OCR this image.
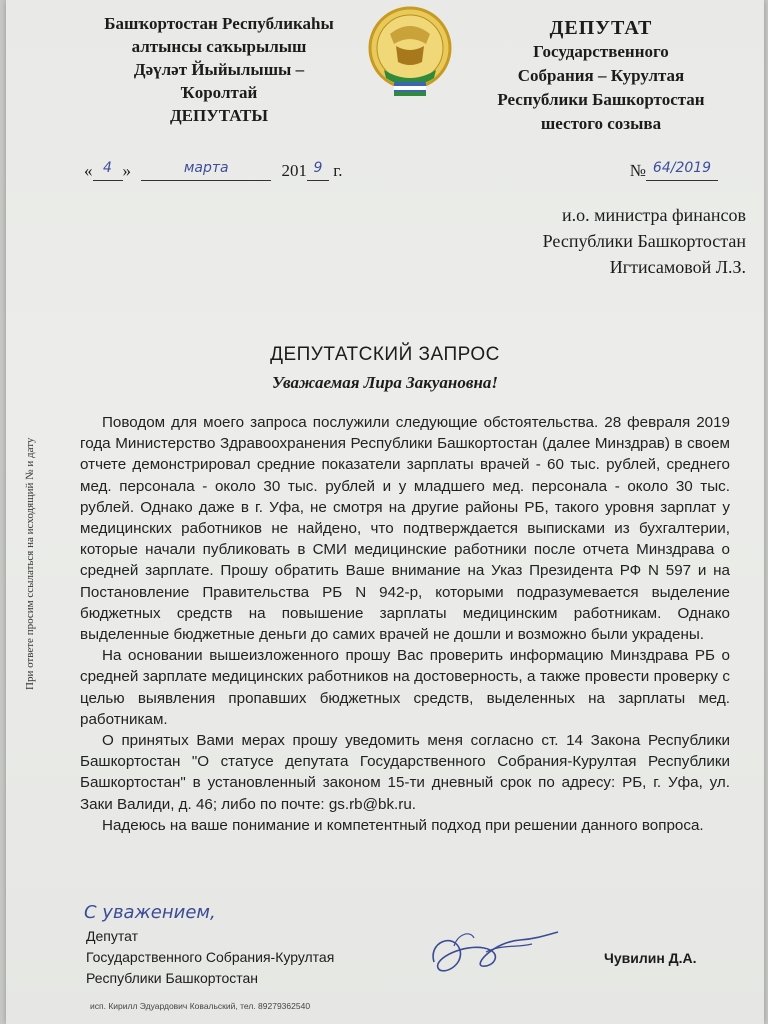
Башҡортостан Республикаһы
алтынсы саҡырылыш
Дәүләт Йыйылышы –
Ҡоролтай
ДЕПУТАТЫ
ДЕПУТАТ
Государственного
Собрания – Курултая
Республики Башкортостан
шестого созыва
« 4 »	марта	201 9 г.	№ 64/2019
и.о. министра финансов
Республики Башкортостан
Игтисамовой Л.З.
При ответе просим ссылаться на исходящий № и дату
ДЕПУТАТСКИЙ ЗАПРОС
Уважаемая Лира Закуановна!

Поводом для моего запроса послужили следующие обстоятельства. 28 февраля 2019 года Министерство Здравоохранения Республики Башкортостан (далее Минздрав) в своем отчете демонстрировал средние показатели зарплаты врачей - 60 тыс. рублей, среднего мед. персонала - около 30 тыс. рублей и у младшего мед. персонала - около 30 тыс. рублей. Однако даже в г. Уфа, не смотря на другие районы РБ, такого уровня зарплат у медицинских работников не найдено, что подтверждается выписками из бухгалтерии, которые начали публиковать в СМИ медицинские работники после отчета Минздрава о средней зарплате. Прошу обратить Ваше внимание на Указ Президента РФ N 597 и на Постановление Правительства РБ N 942-р, которыми подразумевается выделение бюджетных средств на повышение зарплаты медицинским работникам. Однако выделенные бюджетные деньги до самих врачей не дошли и возможно были украдены.

На основании вышеизложенного прошу Вас проверить информацию Минздрава РБ о средней зарплате медицинских работников на достоверность, а также провести проверку с целью выявления пропавших бюджетных средств, выделенных на зарплаты мед. работникам.

О принятых Вами мерах прошу уведомить меня согласно ст. 14 Закона Республики Башкортостан "О статусе депутата Государственного Собрания-Курултая Республики Башкортостан" в установленный законом 15-ти дневный срок по адресу: РБ, г. Уфа, ул. Заки Валиди, д. 46; либо по почте: gs.rb@bk.ru.

Надеюсь на ваше понимание и компетентный подход при решении данного вопроса.

С уважением,
Депутат
Государственного Собрания-Курултая
Республики Башкортостан
Чувилин Д.А.
исп. Кирилл Эдуардович Ковальский, тел. 89279362540
